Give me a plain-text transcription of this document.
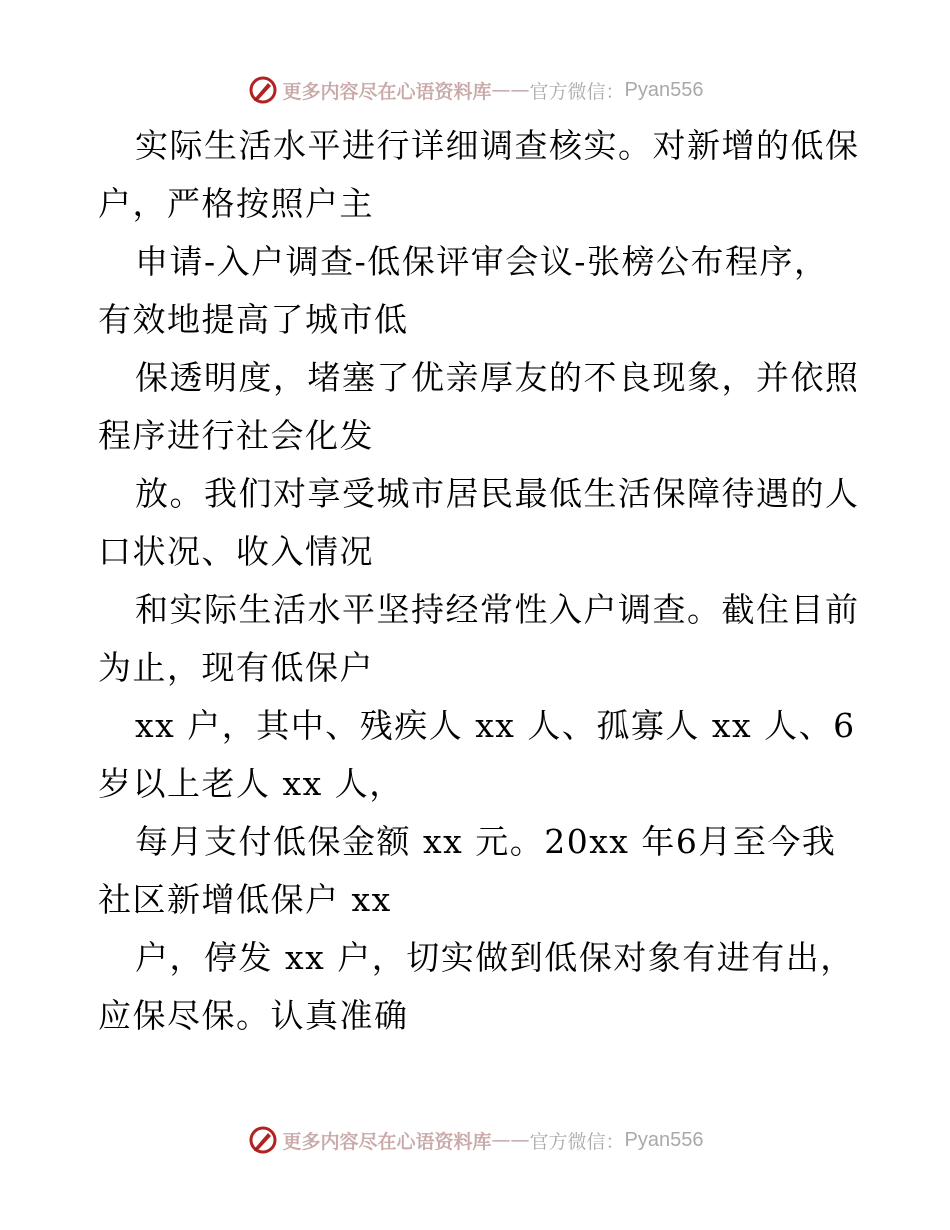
更多内容尽在心语资料库 —— 官方微信： Pyan556
实际生活水平进行详细调查核实。对新增的低保
户，严格按照户主
申请-入户调查-低保评审会议-张榜公布程序，
有效地提高了城市低
保透明度，堵塞了优亲厚友的不良现象，并依照
程序进行社会化发
放。我们对享受城市居民最低生活保障待遇的人
口状况、收入情况
和实际生活水平坚持经常性入户调查。截住目前
为止，现有低保户
xx 户，其中、残疾人 xx 人、孤寡人 xx 人、6
岁以上老人 xx 人，
每月支付低保金额 xx 元。20xx 年6月至今我
社区新增低保户 xx
户，停发 xx 户，切实做到低保对象有进有出，
应保尽保。认真准确
更多内容尽在心语资料库 —— 官方微信： Pyan556
